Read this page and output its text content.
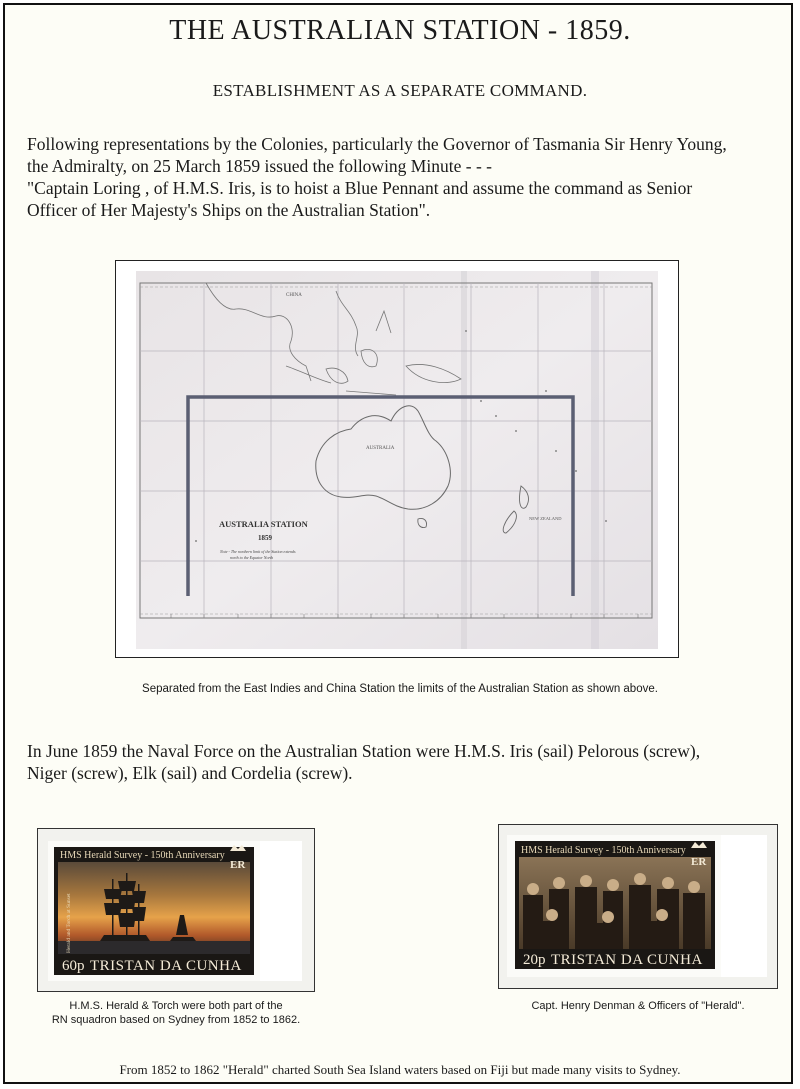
THE AUSTRALIAN STATION - 1859.
ESTABLISHMENT AS A SEPARATE COMMAND.
Following representations by the Colonies, particularly the Governor of Tasmania Sir Henry Young,
the Admiralty, on 25 March 1859 issued the following Minute - - -
"Captain Loring , of H.M.S. Iris, is to hoist a Blue Pennant and assume the command as Senior
Officer of Her Majesty's Ships on the Australian Station".
CHINA
AUSTRALIA
NEW ZEALAND
AUSTRALIA STATION
1859
Note - The northern limit of the Station extends
north to the Equator North
Separated from the East Indies and China Station the limits of the Australian Station as shown above.
In June 1859 the Naval Force on the Australian Station were H.M.S. Iris (sail) Pelorous (screw),
Niger (screw), Elk (sail) and Cordelia (screw).
HMS Herald Survey - 150th Anniversary
ER
60p TRISTAN DA CUNHA
Herald and Torch at Sunset
H.M.S. Herald & Torch were both part of the
RN squadron based on Sydney from 1852 to 1862.
HMS Herald Survey - 150th Anniversary
ER
20p TRISTAN DA CUNHA
Capt. Henry Denman & Officers of "Herald".
From 1852 to 1862 "Herald" charted South Sea Island waters based on Fiji but made many visits to Sydney.
